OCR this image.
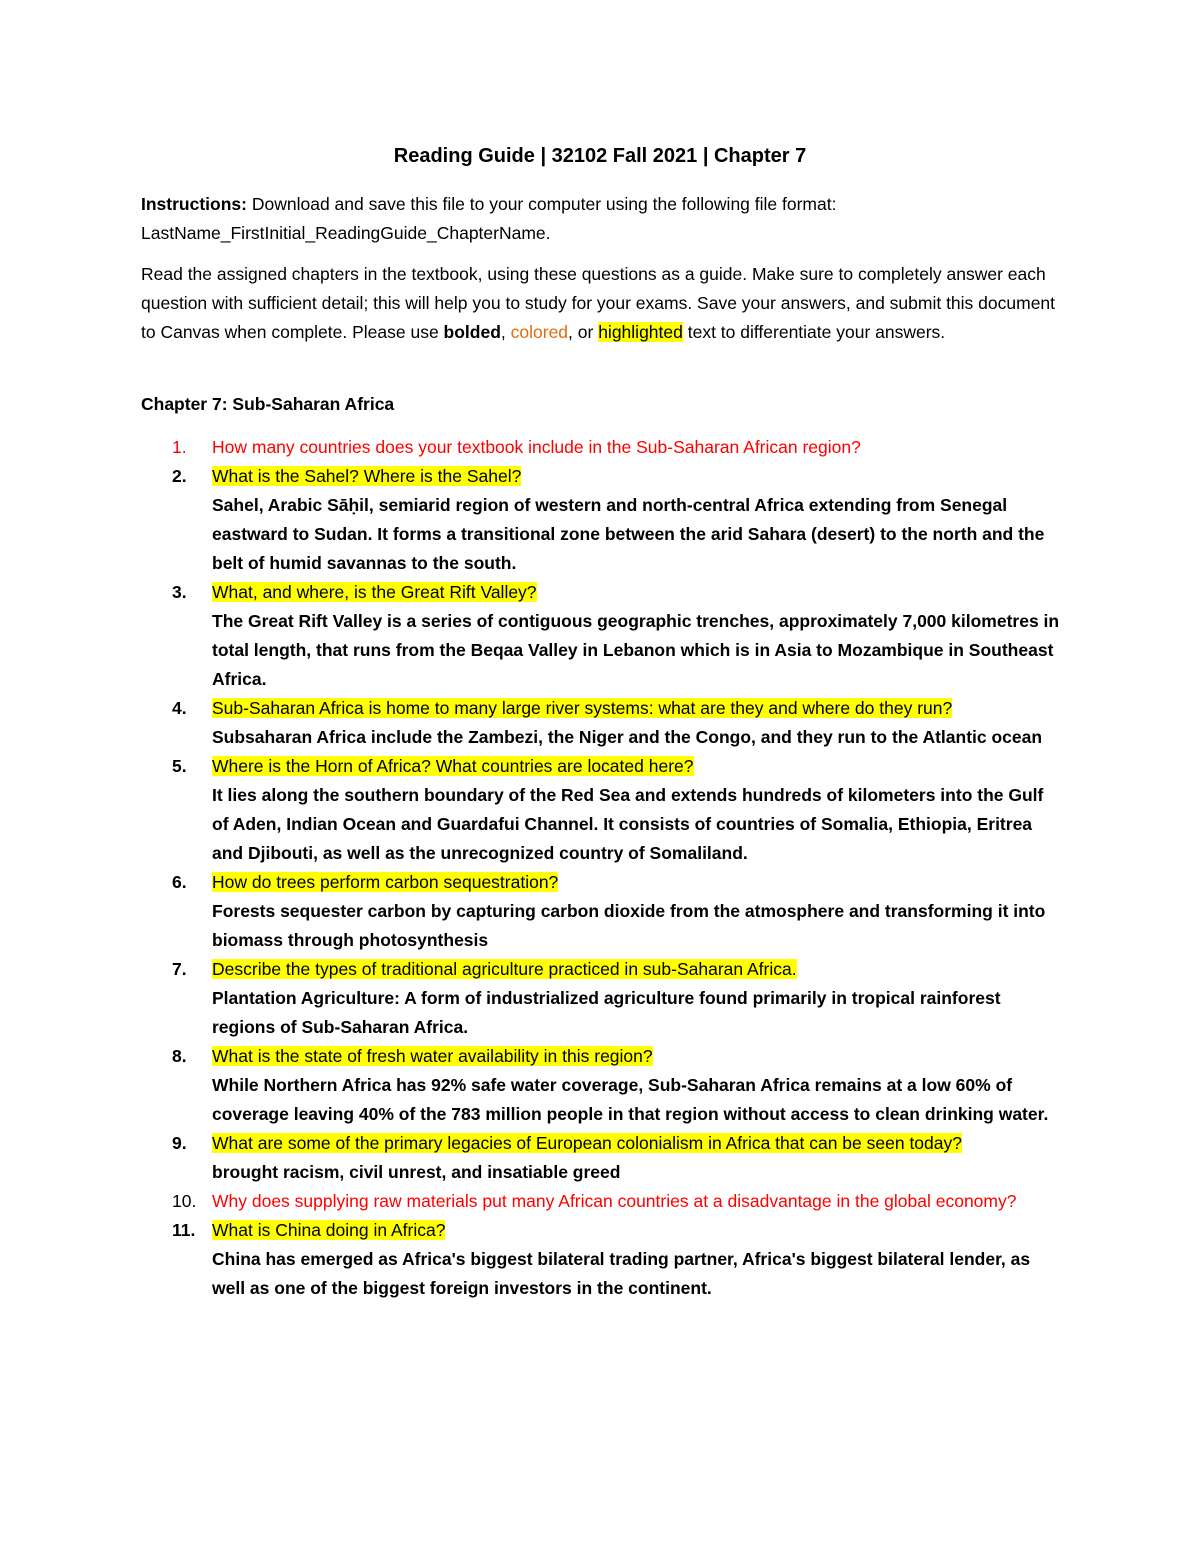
Reading Guide | 32102 Fall 2021 | Chapter 7
Instructions: Download and save this file to your computer using the following file format: LastName_FirstInitial_ReadingGuide_ChapterName.
Read the assigned chapters in the textbook, using these questions as a guide. Make sure to completely answer each question with sufficient detail; this will help you to study for your exams. Save your answers, and submit this document to Canvas when complete. Please use bolded, colored, or highlighted text to differentiate your answers.
Chapter 7: Sub-Saharan Africa
1.	How many countries does your textbook include in the Sub-Saharan African region?
2.	What is the Sahel? Where is the Sahel?
Sahel, Arabic Sāḥil, semiarid region of western and north-central Africa extending from Senegal eastward to Sudan. It forms a transitional zone between the arid Sahara (desert) to the north and the belt of humid savannas to the south.
3.	What, and where, is the Great Rift Valley?
The Great Rift Valley is a series of contiguous geographic trenches, approximately 7,000 kilometres in total length, that runs from the Beqaa Valley in Lebanon which is in Asia to Mozambique in Southeast Africa.
4.	Sub-Saharan Africa is home to many large river systems: what are they and where do they run?
Subsaharan Africa include the Zambezi, the Niger and the Congo, and they run to the Atlantic ocean
5.	Where is the Horn of Africa? What countries are located here?
It lies along the southern boundary of the Red Sea and extends hundreds of kilometers into the Gulf of Aden, Indian Ocean and Guardafui Channel. It consists of countries of Somalia, Ethiopia, Eritrea and Djibouti, as well as the unrecognized country of Somaliland.
6.	How do trees perform carbon sequestration?
Forests sequester carbon by capturing carbon dioxide from the atmosphere and transforming it into biomass through photosynthesis
7.	Describe the types of traditional agriculture practiced in sub-Saharan Africa.
Plantation Agriculture: A form of industrialized agriculture found primarily in tropical rainforest regions of Sub-Saharan Africa.
8.	What is the state of fresh water availability in this region?
While Northern Africa has 92% safe water coverage, Sub-Saharan Africa remains at a low 60% of coverage leaving 40% of the 783 million people in that region without access to clean drinking water.
9.	What are some of the primary legacies of European colonialism in Africa that can be seen today?
brought racism, civil unrest, and insatiable greed
10. Why does supplying raw materials put many African countries at a disadvantage in the global economy?
11. What is China doing in Africa?
China has emerged as Africa's biggest bilateral trading partner, Africa's biggest bilateral lender, as well as one of the biggest foreign investors in the continent.
